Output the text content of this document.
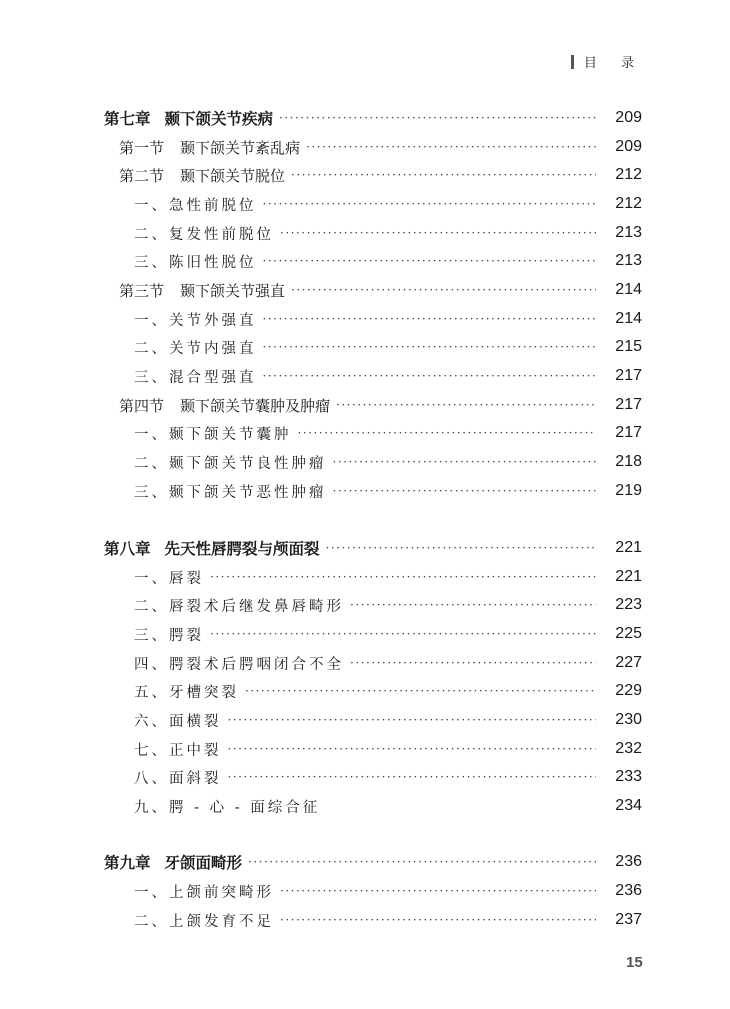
目 录
第七章 颞下颌关节疾病 ·····	209
第一节 颞下颌关节紊乱病 ·····	209
第二节 颞下颌关节脱位 ·····	212
一、急性前脱位 ·····	212
二、复发性前脱位 ·····	213
三、陈旧性脱位 ·····	213
第三节 颞下颌关节强直 ·····	214
一、关节外强直 ·····	214
二、关节内强直 ·····	215
三、混合型强直 ·····	217
第四节 颞下颌关节囊肿及肿瘤 ·····	217
一、颞下颌关节囊肿 ·····	217
二、颞下颌关节良性肿瘤 ·····	218
三、颞下颌关节恶性肿瘤 ·····	219
第八章 先天性唇腭裂与颅面裂 ·····	221
一、唇裂 ·····	221
二、唇裂术后继发鼻唇畸形 ·····	223
三、腭裂 ·····	225
四、腭裂术后腭咽闭合不全 ·····	227
五、牙槽突裂 ·····	229
六、面横裂 ·····	230
七、正中裂 ·····	232
八、面斜裂 ·····	233
九、腭 - 心 - 面综合征	234
第九章 牙颌面畸形 ·····	236
一、上颌前突畸形 ·····	236
二、上颌发育不足 ·····	237
15
